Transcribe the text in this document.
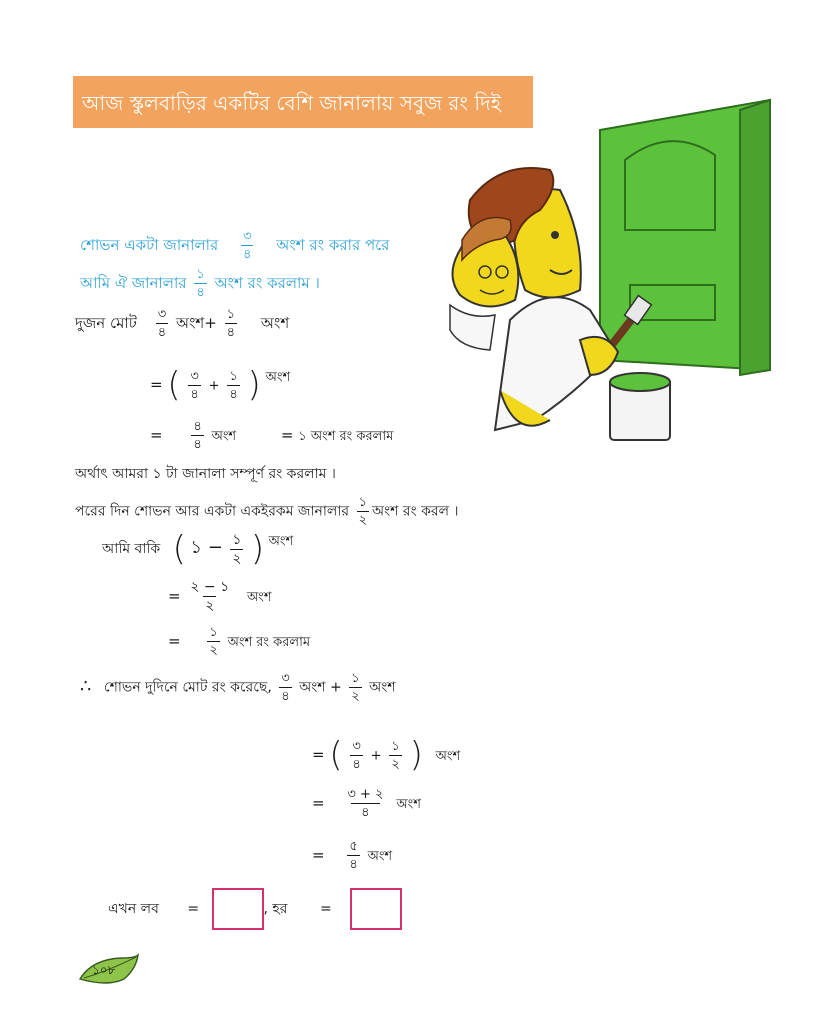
আজ স্কুলবাড়ির একটির বেশি জানালায় সবুজ রং দিই
শোভন একটা জানালার $\frac{৩}{৪}$ অংশ রং করার পরে
আমি ঐ জানালার $\frac{১}{৪}$ অংশ রং করলাম ।
দুজন মোট $\frac{৩}{৪}$ অংশ+ $\frac{১}{৪}$ অংশ
= ( $\frac{৩}{৪} + \frac{১}{৪}$ ) অংশ
= $\frac{৪}{৪}$ অংশ	= ১ অংশ রং করলাম
অর্থাৎ আমরা ১ টা জানালা সম্পূর্ণ রং করলাম ।
পরের দিন শোভন আর একটা একইরকম জানালার $\frac{১}{২}$ অংশ রং করল ।
আমি বাকি ( ১ − $\frac{১}{২}$ ) অংশ
= $\frac{২ - ১}{২}$ অংশ
= $\frac{১}{২}$ অংশ রং করলাম
∴ শোভন দুদিনে মোট রং করেছে, $\frac{৩}{৪}$ অংশ + $\frac{১}{২}$ অংশ
= ( $\frac{৩}{৪} + \frac{১}{২}$ ) অংশ
= $\frac{৩ + ২}{৪}$ অংশ
= $\frac{৫}{৪}$ অংশ
এখন লব =	, হর =
১০৮
